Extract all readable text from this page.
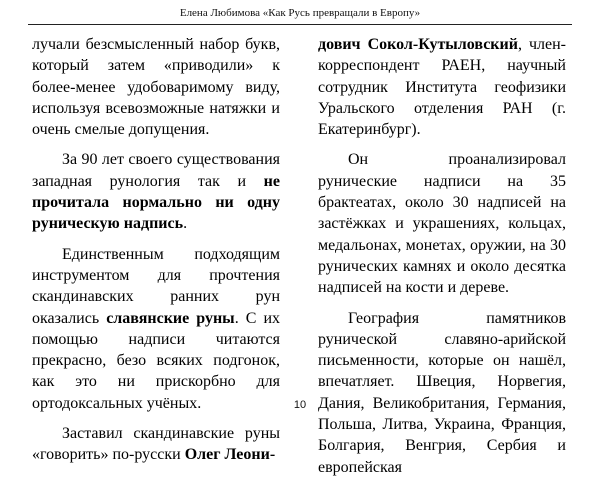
Елена Любимова «Как Русь превращали в Европу»

лучали безсмысленный набор букв, который затем «приводили» к более-менее удобоваримому виду, используя всевозможные натяжки и очень смелые допущения.

За 90 лет своего существования западная рунология так и не прочитала нормально ни одну руническую надпись.

Единственным подходящим инструментом для прочтения скандинавских ранних рун оказались славянские руны. С их помощью надписи читаются прекрасно, безо всяких подгонок, как это ни прискорбно для ортодоксальных учёных.

Заставил скандинавские руны «говорить» по-русски Олег Леони-

дович Сокол-Кутыловский, член-корреспондент РАЕН, научный сотрудник Института геофизики Уральского отделения РАН (г. Екатеринбург).

Он проанализировал рунические надписи на 35 брактеатах, около 30 надписей на застёжках и украшениях, кольцах, медальонах, монетах, оружии, на 30 рунических камнях и около десятка надписей на кости и дереве.

География памятников рунической славяно-арийской письменности, которые он нашёл, впечатляет. Швеция, Норвегия, Дания, Великобритания, Германия, Польша, Литва, Украина, Франция, Болгария, Венгрия, Сербия и европейская

10
